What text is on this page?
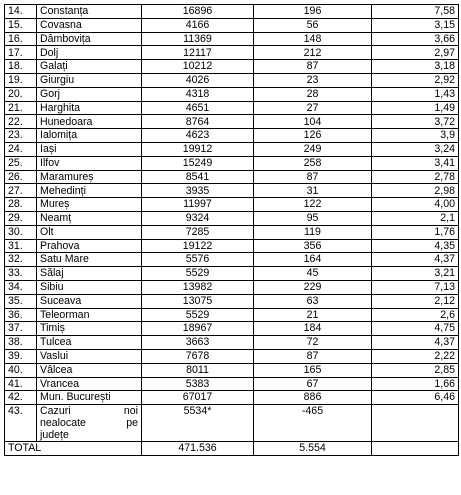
14.	Constanța	16896	196	7,58
15.	Covasna	4166	56	3,15
16.	Dâmbovița	11369	148	3,66
17.	Dolj	12117	212	2,97
18.	Galați	10212	87	3,18
19.	Giurgiu	4026	23	2,92
20.	Gorj	4318	28	1,43
21.	Harghita	4651	27	1,49
22.	Hunedoara	8764	104	3,72
23.	Ialomița	4623	126	3,9
24.	Iași	19912	249	3,24
25.	Ilfov	15249	258	3,41
26.	Maramureș	8541	87	2,78
27.	Mehedinți	3935	31	2,98
28.	Mureș	11997	122	4,00
29.	Neamț	9324	95	2,1
30.	Olt	7285	119	1,76
31.	Prahova	19122	356	4,35
32.	Satu Mare	5576	164	4,37
33.	Sălaj	5529	45	3,21
34.	Sibiu	13982	229	7,13
35.	Suceava	13075	63	2,12
36.	Teleorman	5529	21	2,6
37.	Timiș	18967	184	4,75
38.	Tulcea	3663	72	4,37
39.	Vaslui	7678	87	2,22
40.	Vâlcea	8011	165	2,85
41.	Vrancea	5383	67	1,66
42.	Mun. București	67017	886	6,46
43.	Cazuri noi
nealocate pe
județe	5534*	-465	
TOTAL		471.536	5.554	
